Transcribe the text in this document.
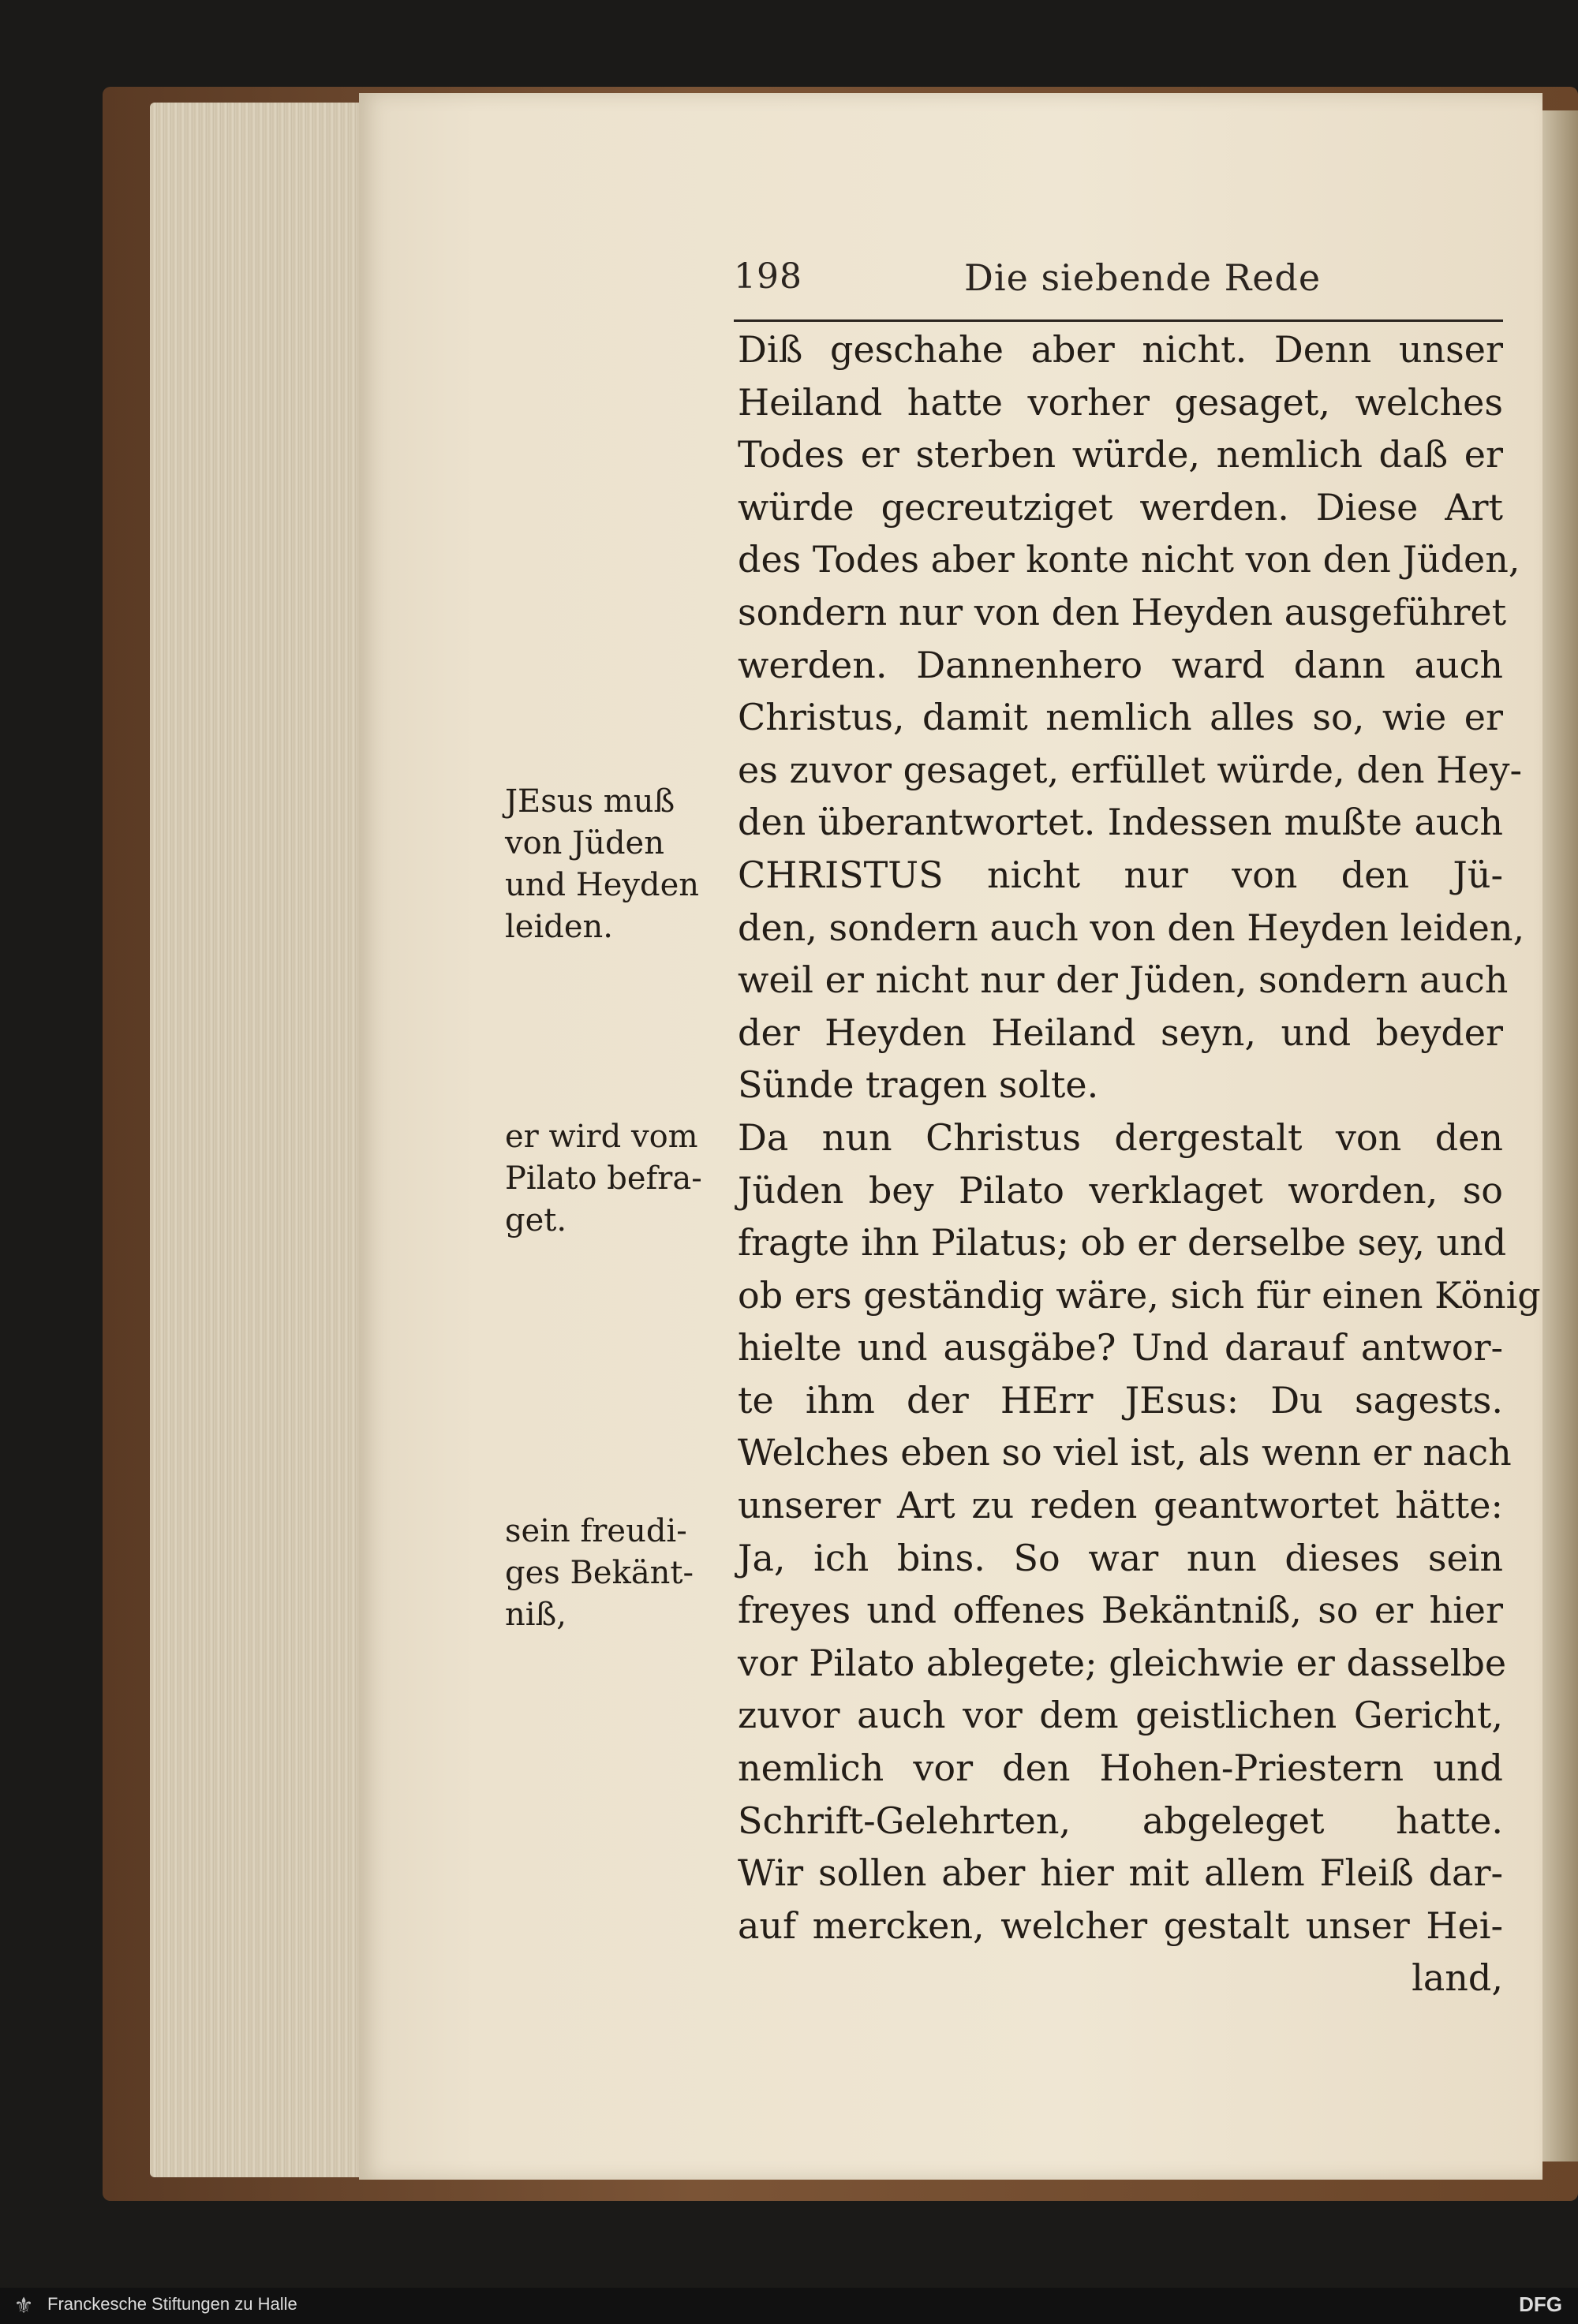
198	Die siebende Rede
Diß geschahe aber nicht. Denn unser
Heiland hatte vorher gesaget, welches
Todes er sterben würde, nemlich daß er
würde gecreutziget werden. Diese Art
des Todes aber konte nicht von den Jüden,
sondern nur von den Heyden ausgeführet
werden. Dannenhero ward dann auch
Christus, damit nemlich alles so, wie er
es zuvor gesaget, erfüllet würde, den Hey-
den überantwortet. Indessen mußte auch
CHRISTUS nicht nur von den Jü-
den, sondern auch von den Heyden leiden,
weil er nicht nur der Jüden, sondern auch
der Heyden Heiland seyn, und beyder
Sünde tragen solte.
Da nun Christus dergestalt von den
Jüden bey Pilato verklaget worden, so
fragte ihn Pilatus; ob er derselbe sey, und
ob ers geständig wäre, sich für einen König
hielte und ausgäbe? Und darauf antwor-
te ihm der HErr JEsus: Du sagests.
Welches eben so viel ist, als wenn er nach
unserer Art zu reden geantwortet hätte:
Ja, ich bins. So war nun dieses sein
freyes und offenes Bekäntniß, so er hier
vor Pilato ablegete; gleichwie er dasselbe
zuvor auch vor dem geistlichen Gericht,
nemlich vor den Hohen-Priestern und
Schrift-Gelehrten, abgeleget hatte.
Wir sollen aber hier mit allem Fleiß dar-
auf mercken, welcher gestalt unser Hei-
land,
JEsus muß
von Jüden
und Heyden
leiden.
er wird vom
Pilato befra-
get.
sein freudi-
ges Bekänt-
niß,
⚜ Franckesche Stiftungen zu Halle	DFG
